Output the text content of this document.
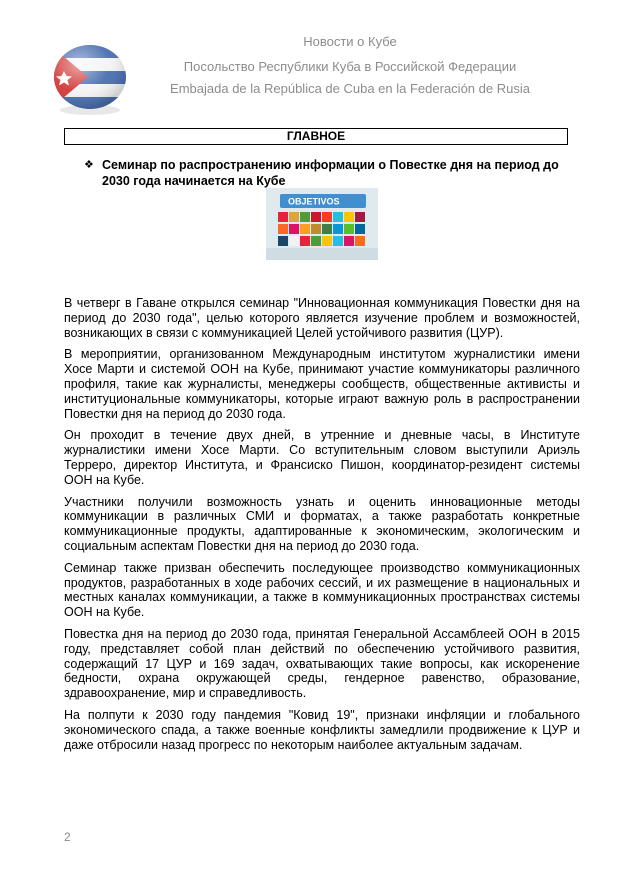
Новости о Кубе
Посольство Республики Куба в Российской Федерации
Embajada de la República de Cuba en la Federación de Rusia
ГЛАВНОЕ
❖ Семинар по распространению информации о Повестке дня на период до 2030 года начинается на Кубе
OBJETIVOS

В четверг в Гаване открылся семинар "Инновационная коммуникация Повестки дня на период до 2030 года", целью которого является изучение проблем и возможностей, возникающих в связи с коммуникацией Целей устойчивого развития (ЦУР).

В мероприятии, организованном Международным институтом журналистики имени Хосе Марти и системой ООН на Кубе, принимают участие коммуникаторы различного профиля, такие как журналисты, менеджеры сообществ, общественные активисты и институциональные коммуникаторы, которые играют важную роль в распространении Повестки дня на период до 2030 года.

Он проходит в течение двух дней, в утренние и дневные часы, в Институте журналистики имени Хосе Марти. Со вступительным словом выступили Ариэль Терреро, директор Института, и Франсиско Пишон, координатор-резидент системы ООН на Кубе.

Участники получили возможность узнать и оценить инновационные методы коммуникации в различных СМИ и форматах, а также разработать конкретные коммуникационные продукты, адаптированные к экономическим, экологическим и социальным аспектам Повестки дня на период до 2030 года.

Семинар также призван обеспечить последующее производство коммуникационных продуктов, разработанных в ходе рабочих сессий, и их размещение в национальных и местных каналах коммуникации, а также в коммуникационных пространствах системы ООН на Кубе.

Повестка дня на период до 2030 года, принятая Генеральной Ассамблеей ООН в 2015 году, представляет собой план действий по обеспечению устойчивого развития, содержащий 17 ЦУР и 169 задач, охватывающих такие вопросы, как искоренение бедности, охрана окружающей среды, гендерное равенство, образование, здравоохранение, мир и справедливость.

На полпути к 2030 году пандемия "Ковид 19", признаки инфляции и глобального экономического спада, а также военные конфликты замедлили продвижение к ЦУР и даже отбросили назад прогресс по некоторым наиболее актуальным задачам.

2
